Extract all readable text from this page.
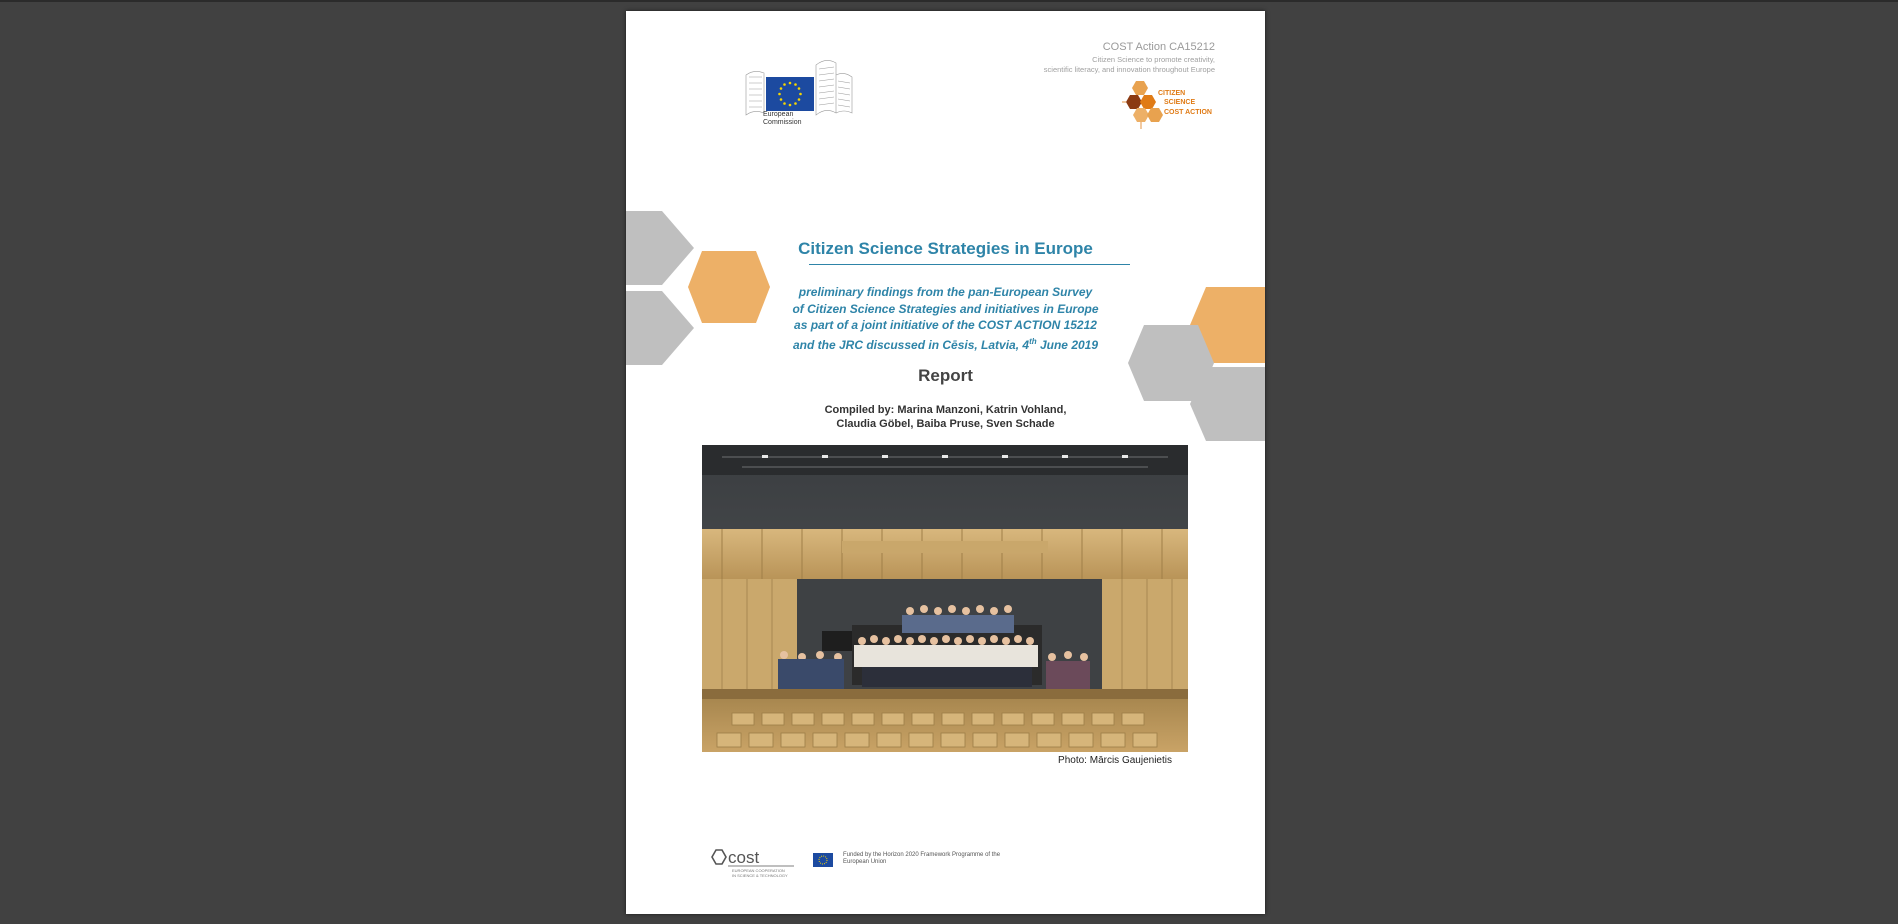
European
Commission
COST Action CA15212
Citizen Science to promote creativity,
scientific literacy, and innovation throughout Europe
CITIZEN
SCIENCE
COST ACTION
Citizen Science Strategies in Europe
preliminary findings from the pan-European Survey
of Citizen Science Strategies and initiatives in Europe
as part of a joint initiative of the COST ACTION 15212
and the JRC discussed in Cēsis, Latvia, 4th June 2019
Report
Compiled by: Marina Manzoni, Katrin Vohland,
Claudia Göbel, Baiba Pruse, Sven Schade
Photo: Mārcis Gaujenietis
cost
EUROPEAN COOPERATION
IN SCIENCE & TECHNOLOGY
Funded by the Horizon 2020 Framework Programme of the
European Union
